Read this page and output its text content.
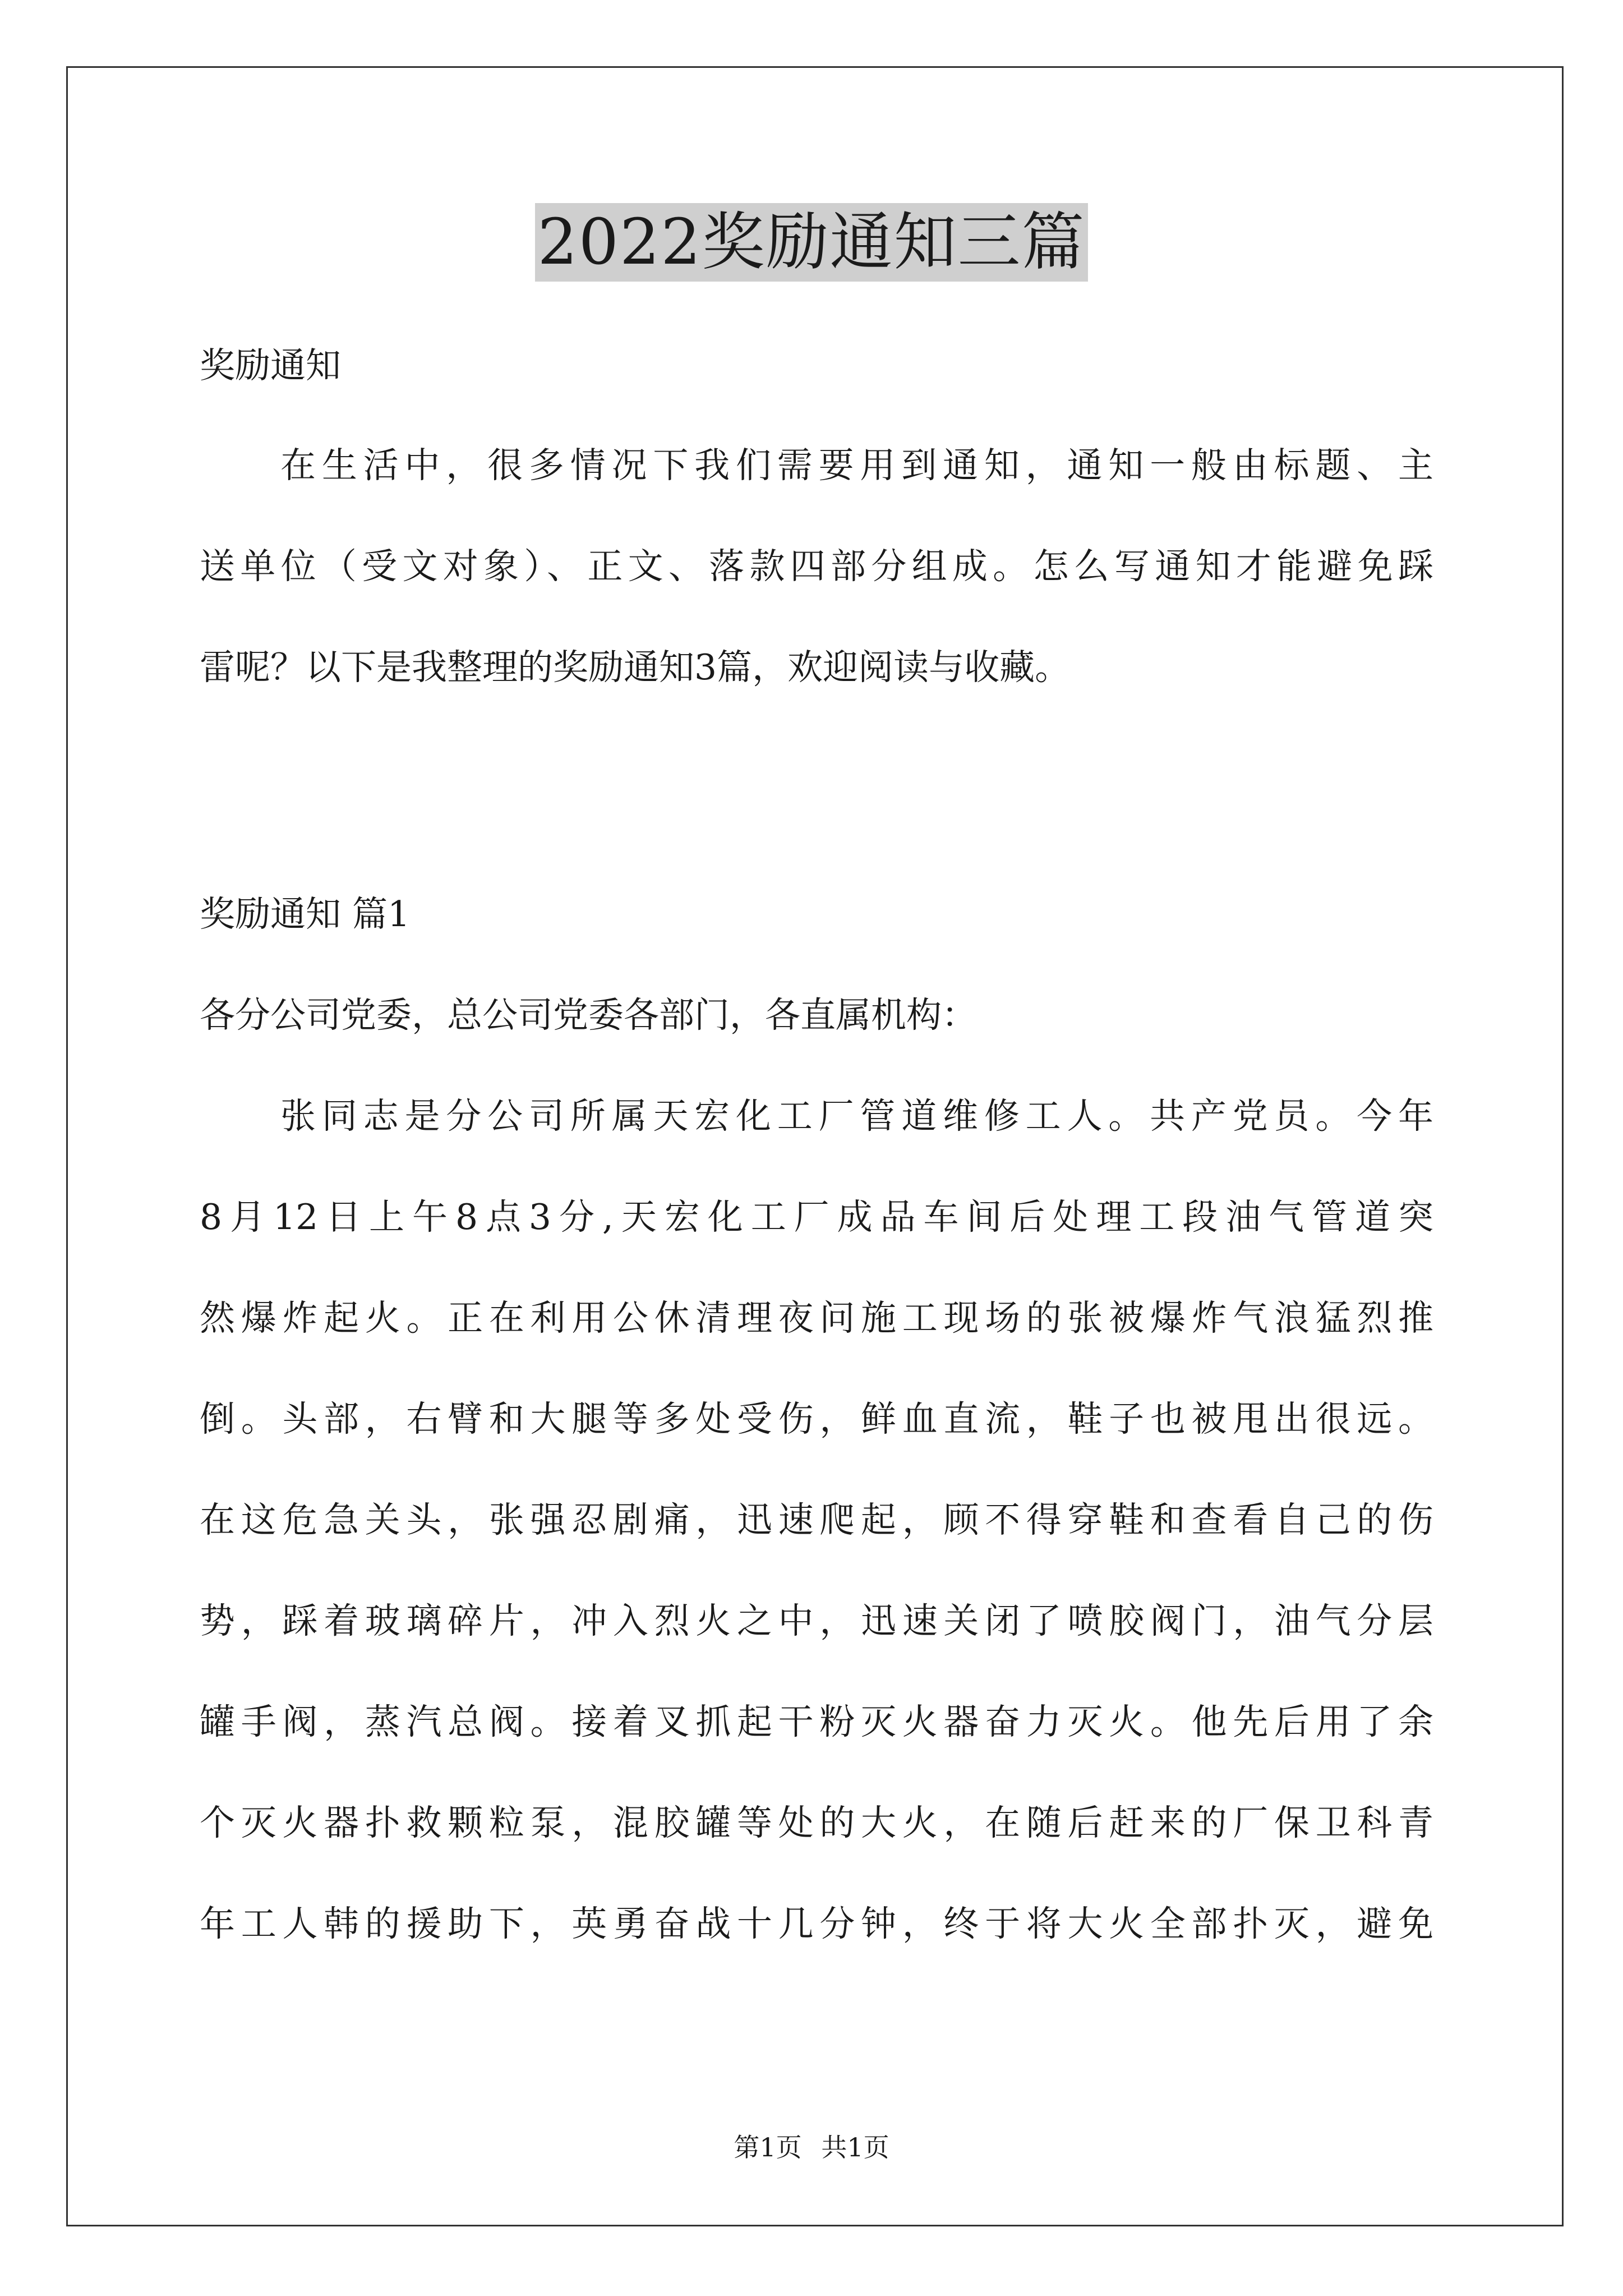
2022奖励通知三篇
奖励通知
在生活中，很多情况下我们需要用到通知，通知一般由标题、主
送单位（受文对象）、正文、落款四部分组成。怎么写通知才能避免踩
雷呢？以下是我整理的奖励通知3篇，欢迎阅读与收藏。
奖励通知 篇1
各分公司党委，总公司党委各部门，各直属机构：
张同志是分公司所属天宏化工厂管道维修工人。共产党员。今年
8月12日上午8点3分,天宏化工厂成品车间后处理工段油气管道突
然爆炸起火。正在利用公休清理夜问施工现场的张被爆炸气浪猛烈推
倒。头部，右臂和大腿等多处受伤，鲜血直流，鞋子也被甩出很远。
在这危急关头，张强忍剧痛，迅速爬起，顾不得穿鞋和查看自己的伤
势，踩着玻璃碎片，冲入烈火之中，迅速关闭了喷胶阀门，油气分层
罐手阀，蒸汽总阀。接着叉抓起干粉灭火器奋力灭火。他先后用了余
个灭火器扑救颗粒泵，混胶罐等处的大火，在随后赶来的厂保卫科青
年工人韩的援助下，英勇奋战十几分钟，终于将大火全部扑灭，避免
第1页 共1页
